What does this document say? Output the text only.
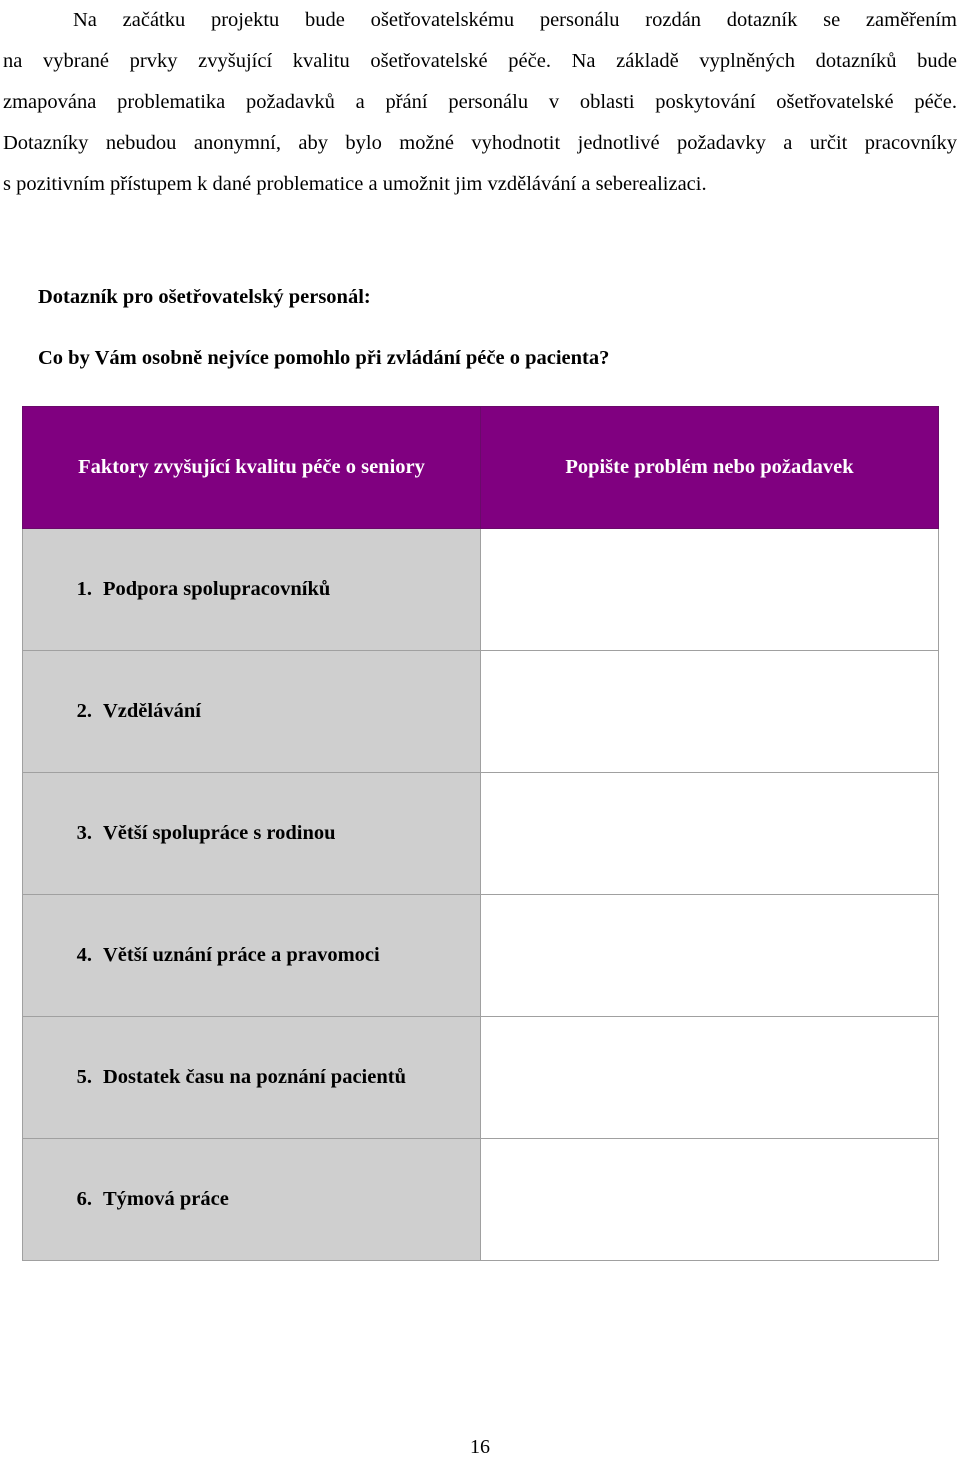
Na začátku projektu bude ošetřovatelskému personálu rozdán dotazník se zaměřením
na vybrané prvky zvyšující kvalitu ošetřovatelské péče. Na základě vyplněných dotazníků bude
zmapována problematika požadavků a přání personálu v oblasti poskytování ošetřovatelské péče.
Dotazníky nebudou anonymní, aby bylo možné vyhodnotit jednotlivé požadavky a určit pracovníky
s pozitivním přístupem k dané problematice a umožnit jim vzdělávání a seberealizaci.
Dotazník pro ošetřovatelský personál:
Co by Vám osobně nejvíce pomohlo při zvládání péče o pacienta?
Faktory zvyšující kvalitu péče o seniory	Popište problém nebo požadavek
1. Podpora spolupracovníků	
2. Vzdělávání	
3. Větší spolupráce s rodinou	
4. Větší uznání práce a pravomoci	
5. Dostatek času na poznání pacientů	
6. Týmová práce	
16
